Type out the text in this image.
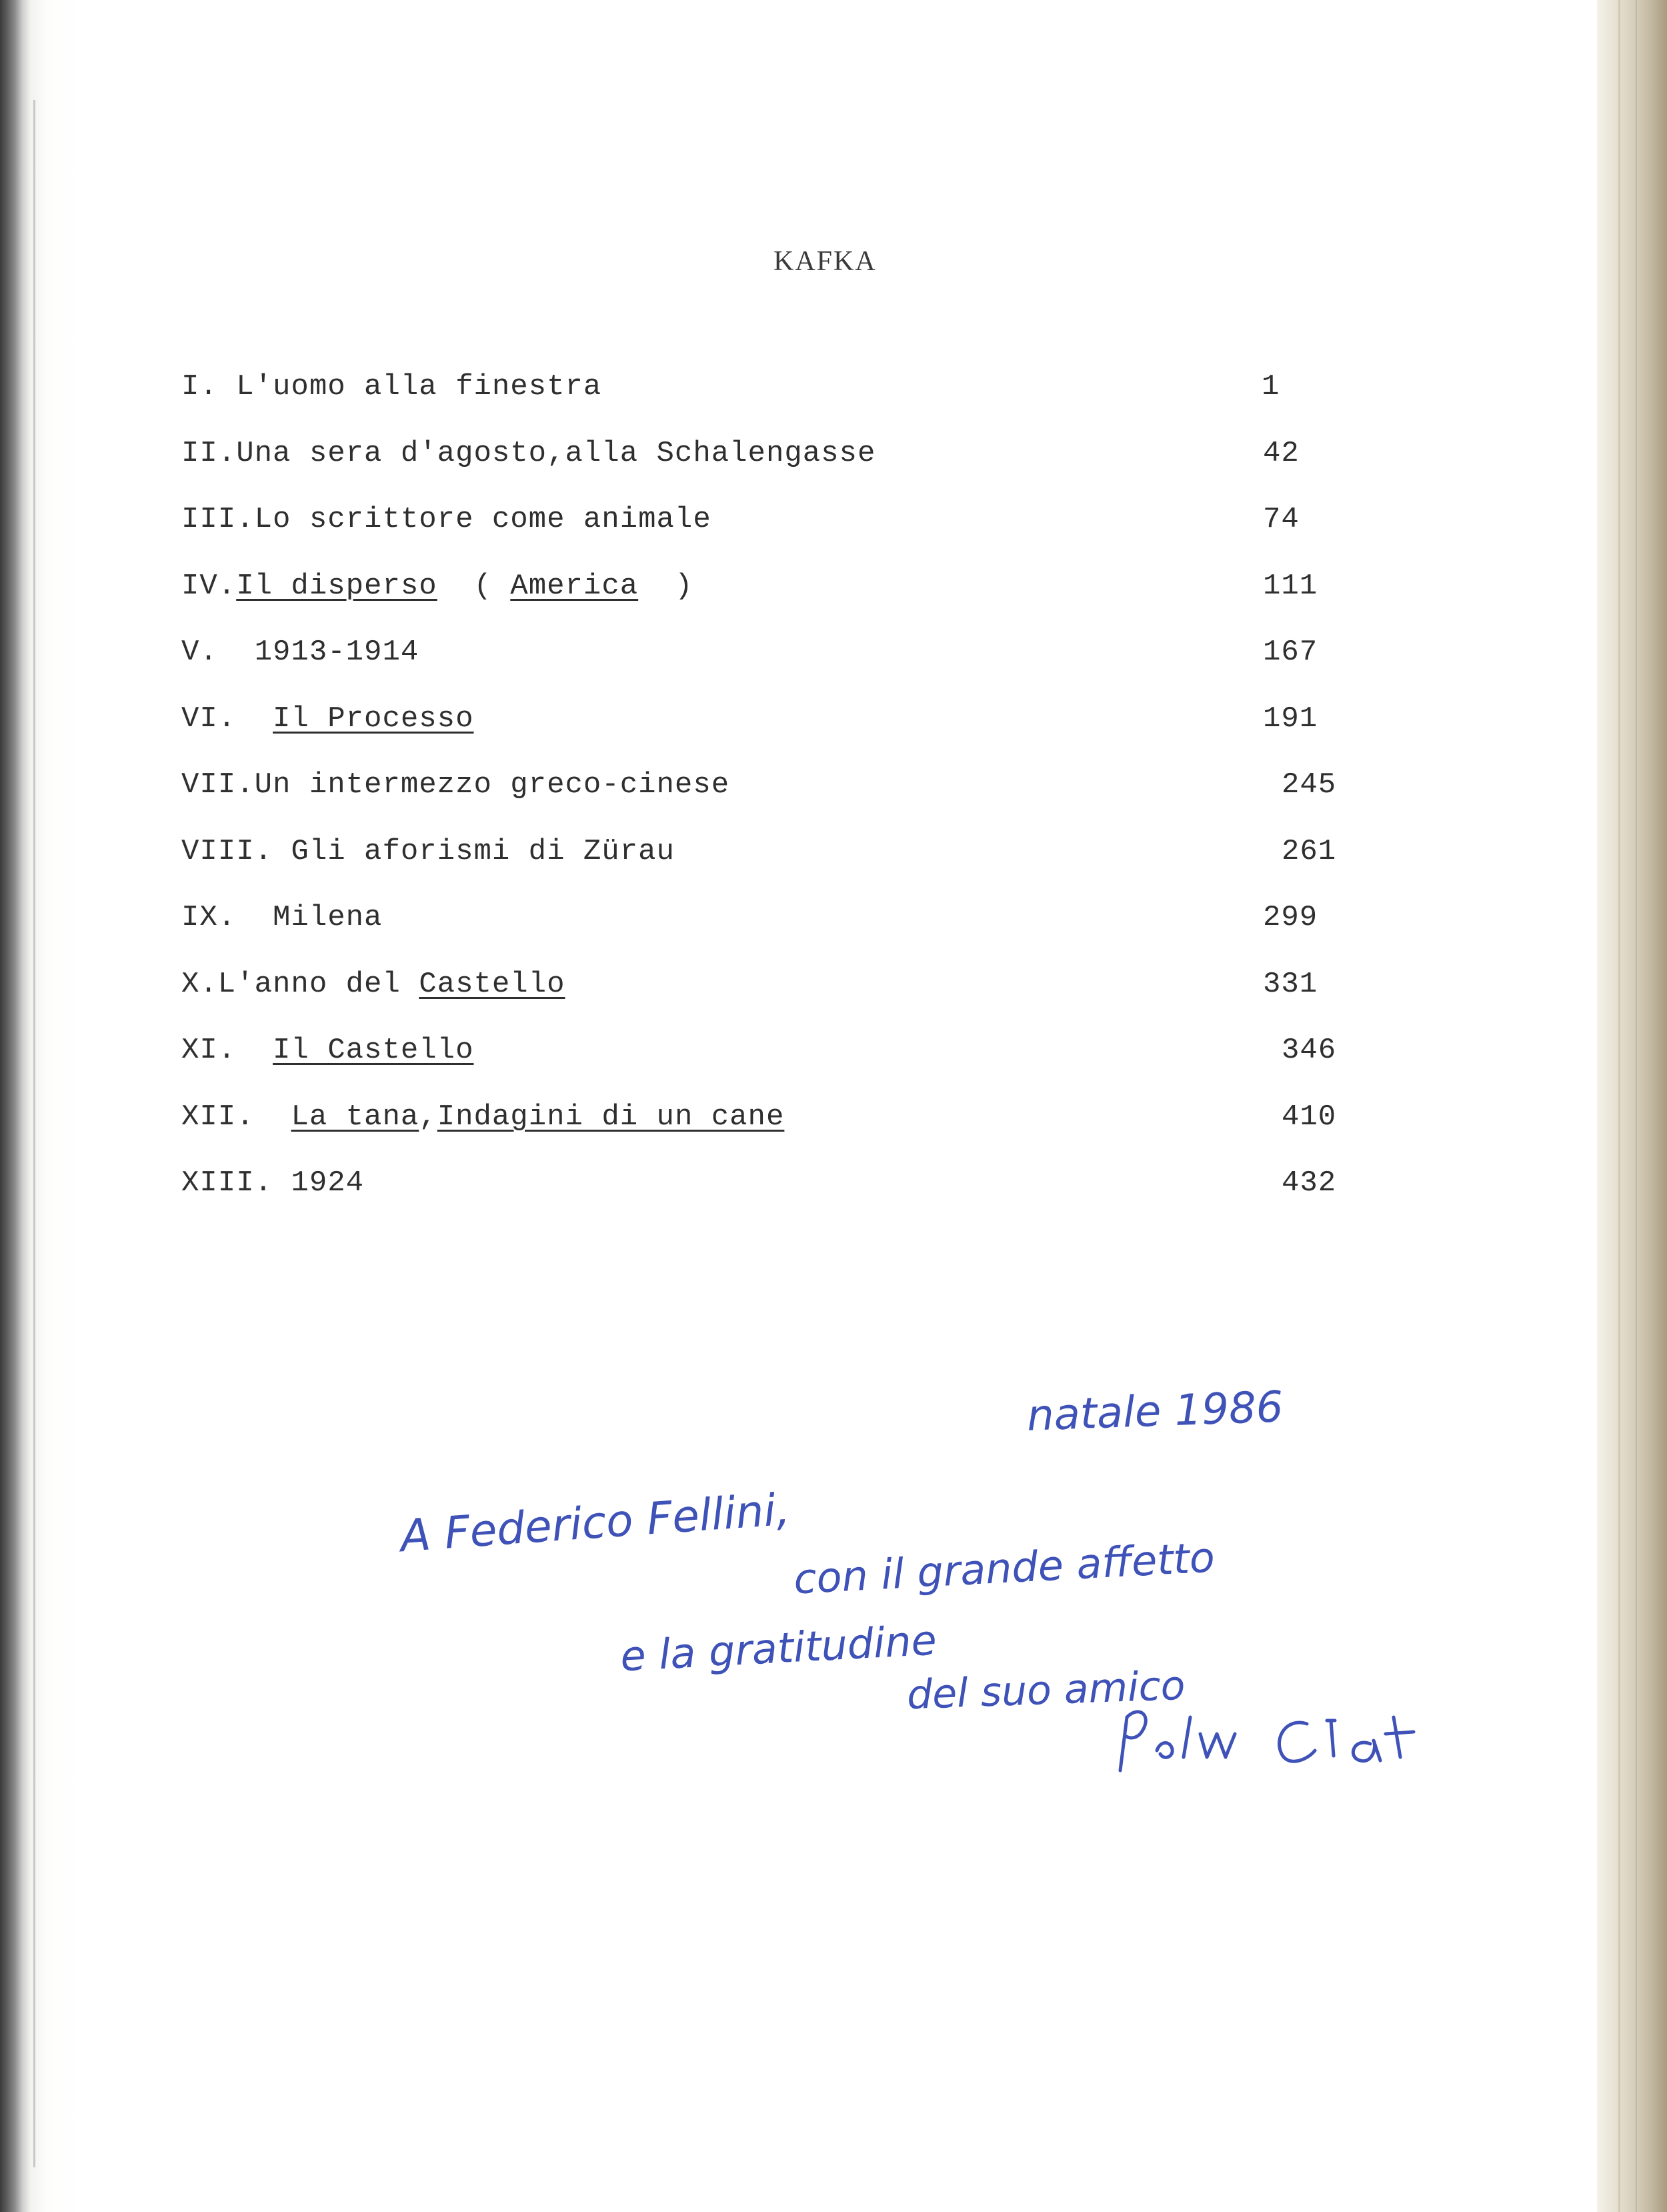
KAFKA
I. L'uomo alla finestra	1
II.Una sera d'agosto,alla Schalengasse	42
III.Lo scrittore come animale	74
IV.Il disperso  ( America  )	111
V.  1913-1914	167
VI.  Il Processo	191
VII.Un intermezzo greco-cinese	245
VIII. Gli aforismi di Zürau	261
IX.  Milena	299
X.L'anno del Castello	331
XI.  Il Castello	346
XII.  La tana,Indagini di un cane	410
XIII. 1924	432
natale 1986
A Federico Fellini,
con il grande affetto
e la gratitudine
del suo amico
